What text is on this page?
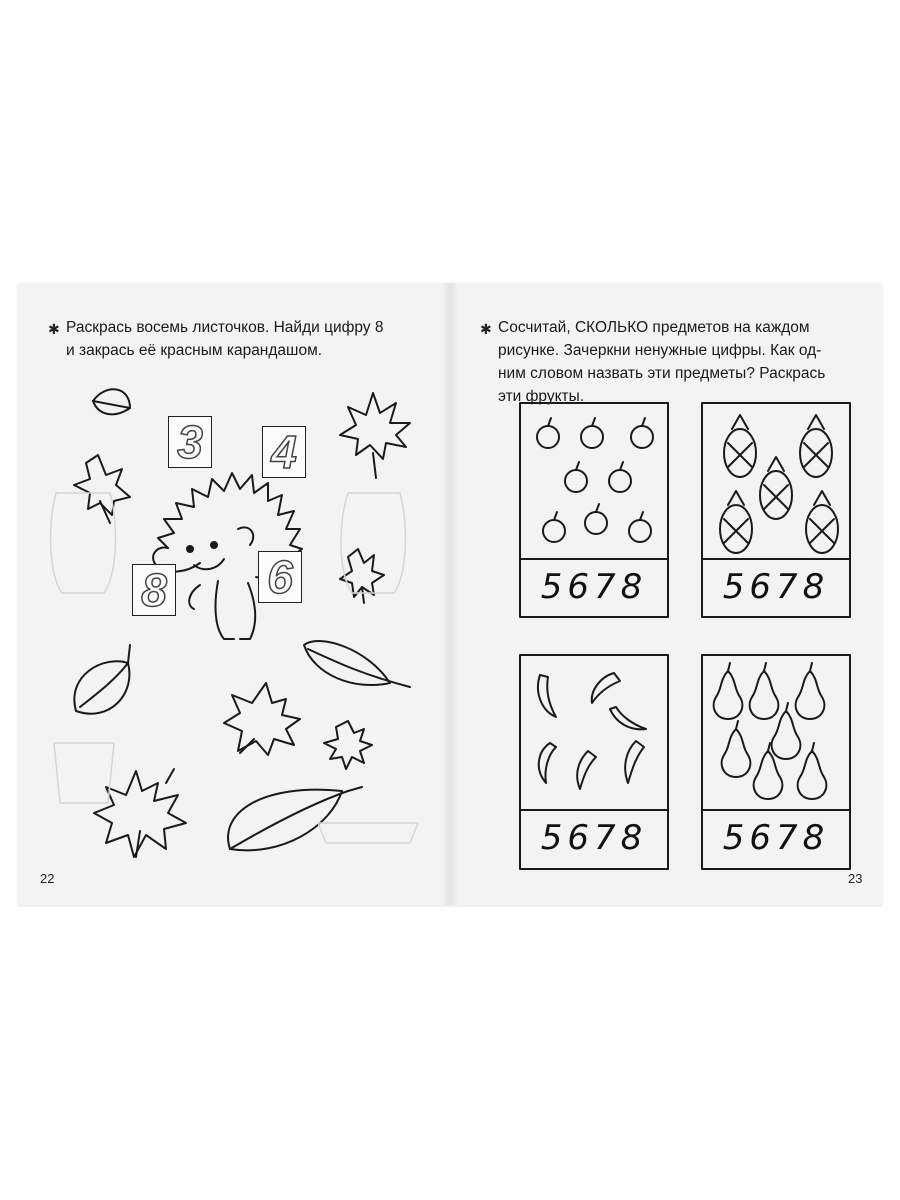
✱ Раскрась восемь листочков. Найди цифру 8
и закрась её красным карандашом.
3 4
8 6
22
✱ Сосчитай, СКОЛЬКО предметов на каждом
рисунке. Зачеркни ненужные цифры. Как од-
ним словом назвать эти предметы? Раскрась
эти фрукты.
5678	5678
5678	5678
23
